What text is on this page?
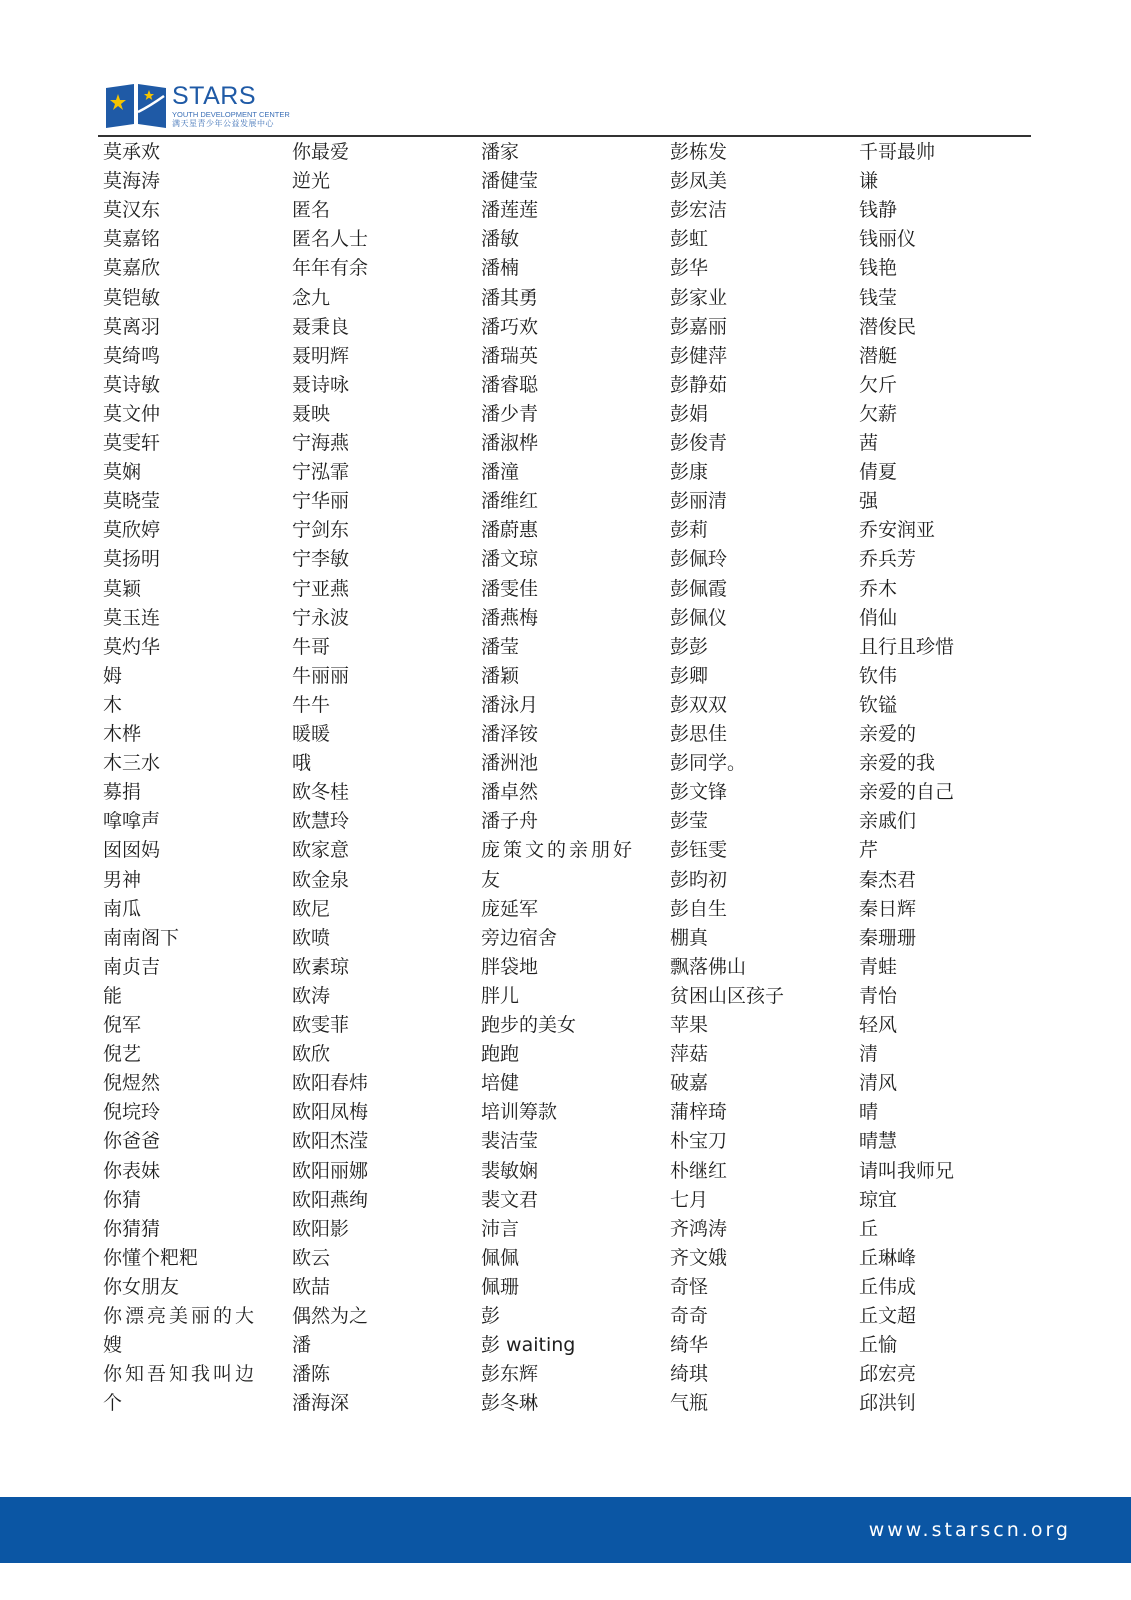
STARS
YOUTH DEVELOPMENT CENTER
满天星青少年公益发展中心
莫承欢
莫海涛
莫汉东
莫嘉铭
莫嘉欣
莫铠敏
莫离羽
莫绮鸣
莫诗敏
莫文仲
莫雯轩
莫娴
莫晓莹
莫欣婷
莫扬明
莫颖
莫玉连
莫灼华
姆
木
木桦
木三水
募捐
嗱嗱声
囡囡妈
男神
南瓜
南南阁下
南贞吉
能
倪军
倪艺
倪煜然
倪垸玲
你爸爸
你表妹
你猜
你猜猜
你懂个粑粑
你女朋友
你漂亮美丽的大
嫂
你知吾知我叫边
个
你最爱
逆光
匿名
匿名人士
年年有余
念九
聂秉良
聂明辉
聂诗咏
聂映
宁海燕
宁泓霏
宁华丽
宁剑东
宁李敏
宁亚燕
宁永波
牛哥
牛丽丽
牛牛
暖暖
哦
欧冬桂
欧慧玲
欧家意
欧金泉
欧尼
欧喷
欧素琼
欧涛
欧雯菲
欧欣
欧阳春炜
欧阳凤梅
欧阳杰滢
欧阳丽娜
欧阳燕绚
欧阳影
欧云
欧喆
偶然为之
潘
潘陈
潘海深
潘家
潘健莹
潘莲莲
潘敏
潘楠
潘其勇
潘巧欢
潘瑞英
潘睿聪
潘少青
潘淑桦
潘潼
潘维红
潘蔚惠
潘文琼
潘雯佳
潘燕梅
潘莹
潘颖
潘泳月
潘泽铵
潘洲池
潘卓然
潘子舟
庞策文的亲朋好
友
庞延军
旁边宿舍
胖袋地
胖儿
跑步的美女
跑跑
培健
培训筹款
裴洁莹
裴敏娴
裴文君
沛言
佩佩
佩珊
彭
彭 waiting
彭东辉
彭冬琳
彭栋发
彭凤美
彭宏洁
彭虹
彭华
彭家业
彭嘉丽
彭健萍
彭静茹
彭娟
彭俊青
彭康
彭丽清
彭莉
彭佩玲
彭佩霞
彭佩仪
彭彭
彭卿
彭双双
彭思佳
彭同学。
彭文锋
彭莹
彭钰雯
彭昀初
彭自生
棚真
飘落佛山
贫困山区孩子
苹果
萍菇
破嘉
蒲梓琦
朴宝刀
朴继红
七月
齐鸿涛
齐文娥
奇怪
奇奇
绮华
绮琪
气瓶
千哥最帅
谦
钱静
钱丽仪
钱艳
钱莹
潜俊民
潜艇
欠斤
欠薪
茜
倩夏
强
乔安润亚
乔兵芳
乔木
俏仙
且行且珍惜
钦伟
钦镒
亲爱的
亲爱的我
亲爱的自己
亲戚们
芹
秦杰君
秦日辉
秦珊珊
青蛙
青怡
轻风
清
清风
晴
晴慧
请叫我师兄
琼宜
丘
丘琳峰
丘伟成
丘文超
丘愉
邱宏亮
邱洪钊
www.starscn.org
